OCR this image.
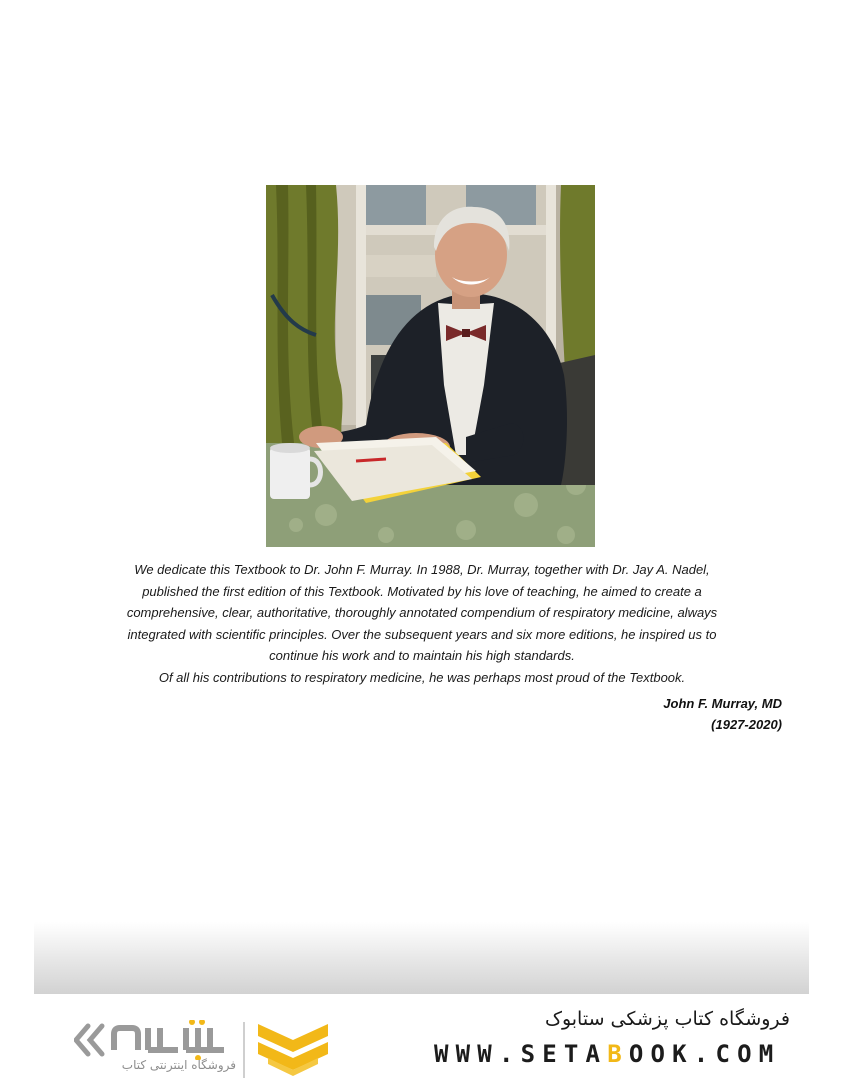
We dedicate this Textbook to Dr. John F. Murray. In 1988, Dr. Murray, together with Dr. Jay A. Nadel,

published the first edition of this Textbook. Motivated by his love of teaching, he aimed to create a

comprehensive, clear, authoritative, thoroughly annotated compendium of respiratory medicine, always

integrated with scientific principles. Over the subsequent years and six more editions, he inspired us to

continue his work and to maintain his high standards.

Of all his contributions to respiratory medicine, he was perhaps most proud of the Textbook.

John F. Murray, MD
(1927-2020)
فروشگاه اینترنتی کتاب
فروشگاه کتاب پزشکی ستابوک
WWW.SETABOOK.COM
